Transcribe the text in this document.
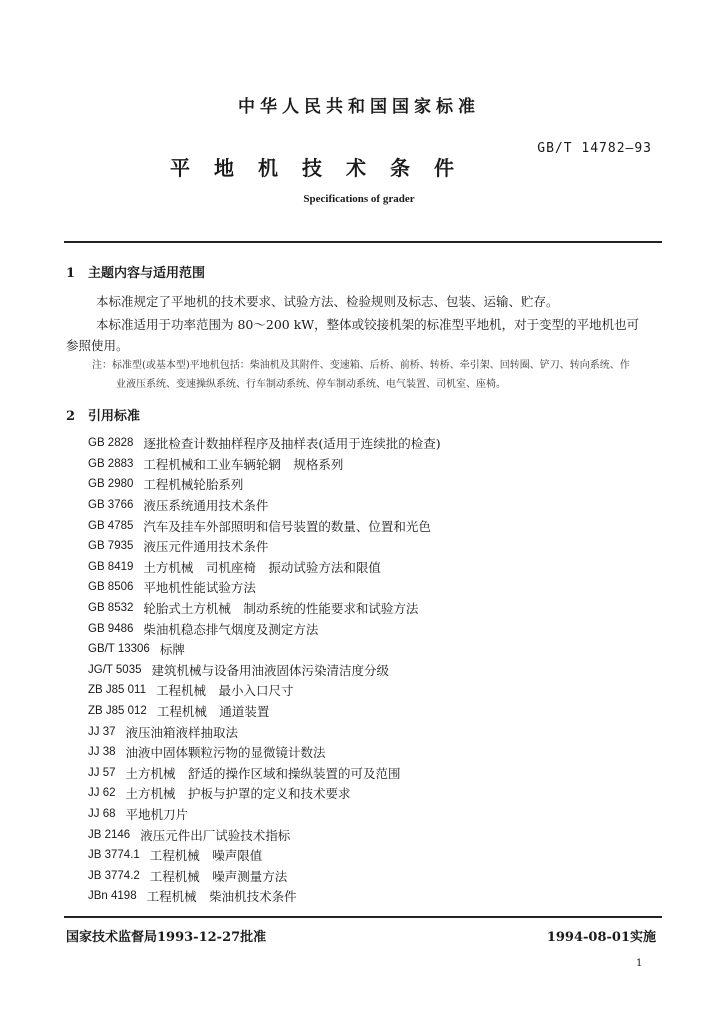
中华人民共和国国家标准
GB/T 14782—93
平地机技术条件
Specifications of grader
1　主题内容与适用范围
本标准规定了平地机的技术要求、试验方法、检验规则及标志、包装、运输、贮存。
本标准适用于功率范围为 80～200 kW，整体或铰接机架的标准型平地机，对于变型的平地机也可
参照使用。
注：标准型(或基本型)平地机包括：柴油机及其附件、变速箱、后桥、前桥、转桥、牵引架、回转圈、铲刀、转向系统、作
业液压系统、变速操纵系统、行车制动系统、停车制动系统、电气装置、司机室、座椅。
2　引用标准
GB 2828 逐批检查计数抽样程序及抽样表(适用于连续批的检查)
GB 2883 工程机械和工业车辆轮辋　规格系列
GB 2980 工程机械轮胎系列
GB 3766 液压系统通用技术条件
GB 4785 汽车及挂车外部照明和信号装置的数量、位置和光色
GB 7935 液压元件通用技术条件
GB 8419 土方机械　司机座椅　振动试验方法和限值
GB 8506 平地机性能试验方法
GB 8532 轮胎式土方机械　制动系统的性能要求和试验方法
GB 9486 柴油机稳态排气烟度及测定方法
GB/T 13306 标牌
JG/T 5035 建筑机械与设备用油液固体污染清洁度分级
ZB J85 011 工程机械　最小入口尺寸
ZB J85 012 工程机械　通道装置
JJ 37 液压油箱液样抽取法
JJ 38 油液中固体颗粒污物的显微镜计数法
JJ 57 土方机械　舒适的操作区域和操纵装置的可及范围
JJ 62 土方机械　护板与护罩的定义和技术要求
JJ 68 平地机刀片
JB 2146 液压元件出厂试验技术指标
JB 3774.1 工程机械　噪声限值
JB 3774.2 工程机械　噪声测量方法
JBn 4198 工程机械　柴油机技术条件
国家技术监督局1993-12-27批准	1994-08-01实施
1
